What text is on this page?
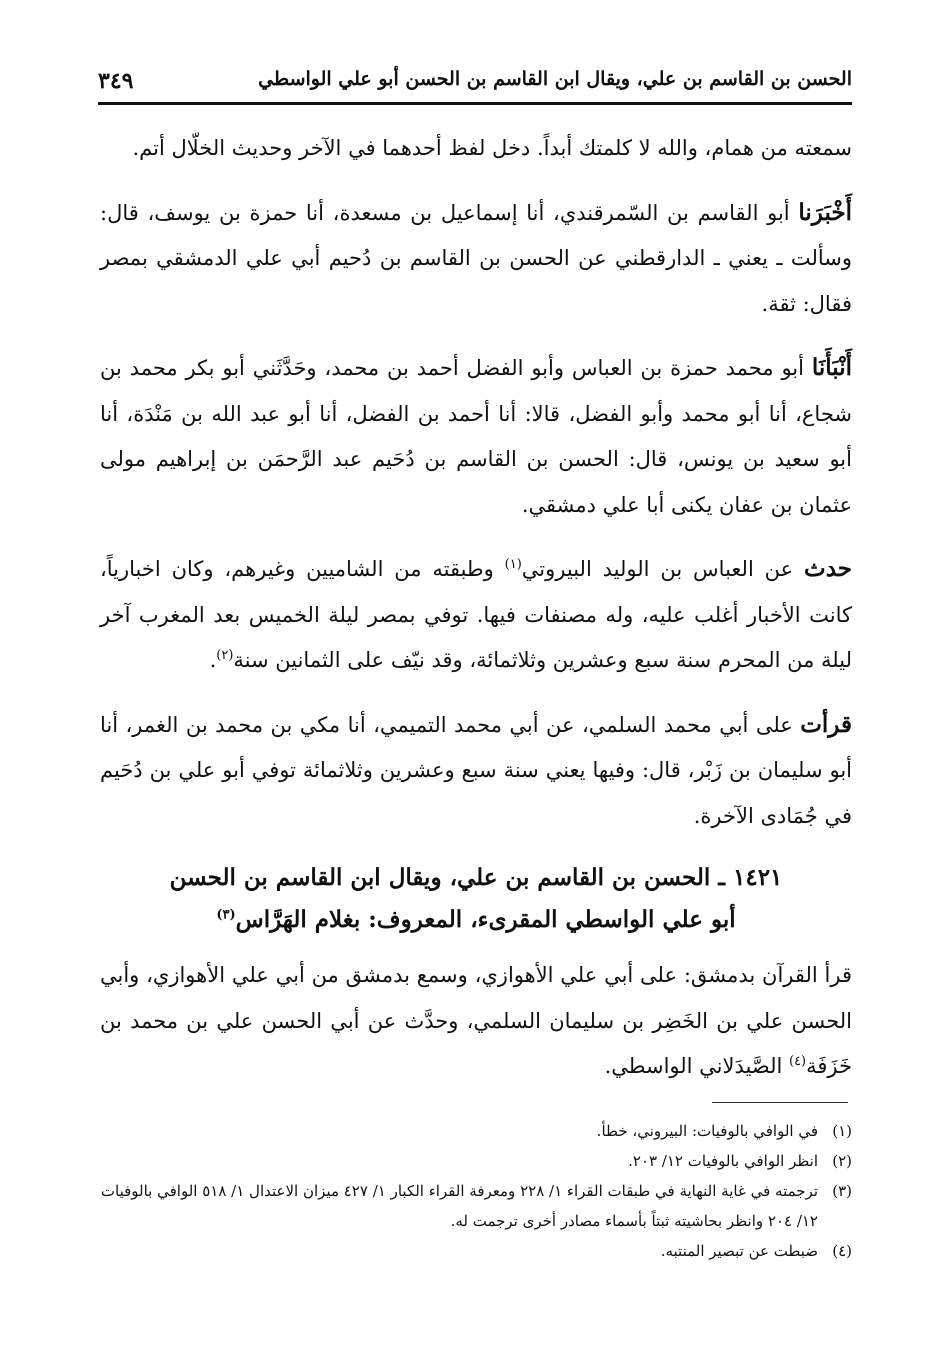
الحسن بن القاسم بن علي، ويقال ابن القاسم بن الحسن أبو علي الواسطي
٣٤٩

سمعته من همام، والله لا كلمتك أبداً. دخل لفظ أحدهما في الآخر وحديث الخلّال أتم.

أَخْبَرَنا أبو القاسم بن السّمرقندي، أنا إسماعيل بن مسعدة، أنا حمزة بن يوسف، قال: وسألت ـ يعني ـ الدارقطني عن الحسن بن القاسم بن دُحيم أبي علي الدمشقي بمصر فقال: ثقة.

أَنْبَأَنَا أبو محمد حمزة بن العباس وأبو الفضل أحمد بن محمد، وحَدَّثَني أبو بكر محمد بن شجاع، أنا أبو محمد وأبو الفضل، قالا: أنا أحمد بن الفضل، أنا أبو عبد الله بن مَنْدَة، أنا أبو سعيد بن يونس، قال: الحسن بن القاسم بن دُحَيم عبد الرَّحمَن بن إبراهيم مولى عثمان بن عفان يكنى أبا علي دمشقي.

حدث عن العباس بن الوليد البيروتي$^{(١)}$ وطبقته من الشاميين وغيرهم، وكان اخبارياً، كانت الأخبار أغلب عليه، وله مصنفات فيها. توفي بمصر ليلة الخميس بعد المغرب آخر ليلة من المحرم سنة سبع وعشرين وثلاثمائة، وقد نيّف على الثمانين سنة$^{(٢)}$.

قرأت على أبي محمد السلمي، عن أبي محمد التميمي، أنا مكي بن محمد بن الغمر، أنا أبو سليمان بن زَبْر، قال: وفيها يعني سنة سبع وعشرين وثلاثمائة توفي أبو علي بن دُحَيم في جُمَادى الآخرة.

١٤٢١ ـ الحسن بن القاسم بن علي، ويقال ابن القاسم بن الحسن
أبو علي الواسطي المقرىء، المعروف: بغلام الهَرَّاس$^{(٣)}$

قرأ القرآن بدمشق: على أبي علي الأهوازي، وسمع بدمشق من أبي علي الأهوازي، وأبي الحسن علي بن الخَضِر بن سليمان السلمي، وحدَّث عن أبي الحسن علي بن محمد بن خَزَفَة$^{(٤)}$ الصَّيدَلاني الواسطي.

(١)
في الوافي بالوفيات: البيروني، خطأ.
(٢)
انظر الوافي بالوفيات ١٢/ ٢٠٣.
(٣)
ترجمته في غاية النهاية في طبقات القراء ١/ ٢٢٨ ومعرفة القراء الكبار ١/ ٤٢٧ ميزان الاعتدال ١/ ٥١٨ الوافي بالوفيات ١٢/ ٢٠٤ وانظر بحاشيته ثبتاً بأسماء مصادر أخرى ترجمت له.
(٤)
ضبطت عن تبصير المنتبه.
